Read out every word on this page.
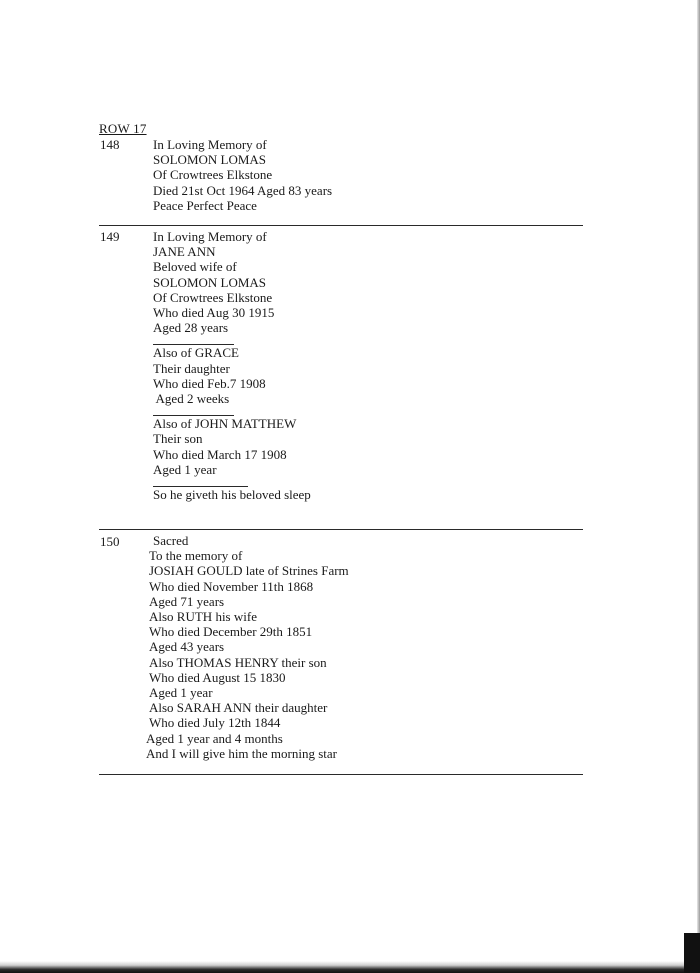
ROW 17
148	In Loving Memory of
SOLOMON LOMAS
Of Crowtrees Elkstone
Died 21st Oct 1964 Aged 83 years
Peace Perfect Peace
149	In Loving Memory of
JANE ANN
Beloved wife of
SOLOMON LOMAS
Of Crowtrees Elkstone
Who died Aug 30 1915
Aged 28 years
Also of GRACE
Their daughter
Who died Feb.7 1908
Aged 2 weeks
Also of JOHN MATTHEW
Their son
Who died March 17 1908
Aged 1 year
So he giveth his beloved sleep
150	Sacred
To the memory of
JOSIAH GOULD late of Strines Farm
Who died November 11th 1868
Aged 71 years
Also RUTH his wife
Who died December 29th 1851
Aged 43 years
Also THOMAS HENRY their son
Who died August 15 1830
Aged 1 year
Also SARAH ANN their daughter
Who died July 12th 1844
Aged 1 year and 4 months
And I will give him the morning star
